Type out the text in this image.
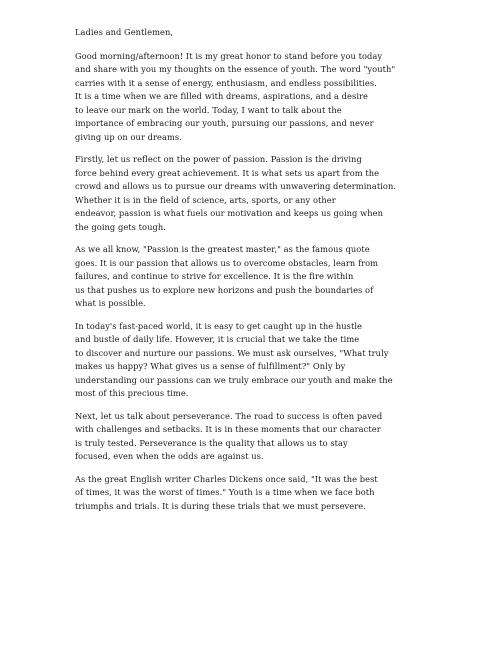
Ladies and Gentlemen,
Good morning/afternoon! It is my great honor to stand before you today
and share with you my thoughts on the essence of youth. The word "youth"
carries with it a sense of energy, enthusiasm, and endless possibilities.
It is a time when we are filled with dreams, aspirations, and a desire
to leave our mark on the world. Today, I want to talk about the
importance of embracing our youth, pursuing our passions, and never
giving up on our dreams.
Firstly, let us reflect on the power of passion. Passion is the driving
force behind every great achievement. It is what sets us apart from the
crowd and allows us to pursue our dreams with unwavering determination.
Whether it is in the field of science, arts, sports, or any other
endeavor, passion is what fuels our motivation and keeps us going when
the going gets tough.
As we all know, "Passion is the greatest master," as the famous quote
goes. It is our passion that allows us to overcome obstacles, learn from
failures, and continue to strive for excellence. It is the fire within
us that pushes us to explore new horizons and push the boundaries of
what is possible.
In today's fast-paced world, it is easy to get caught up in the hustle
and bustle of daily life. However, it is crucial that we take the time
to discover and nurture our passions. We must ask ourselves, "What truly
makes us happy? What gives us a sense of fulfillment?" Only by
understanding our passions can we truly embrace our youth and make the
most of this precious time.
Next, let us talk about perseverance. The road to success is often paved
with challenges and setbacks. It is in these moments that our character
is truly tested. Perseverance is the quality that allows us to stay
focused, even when the odds are against us.
As the great English writer Charles Dickens once said, "It was the best
of times, it was the worst of times." Youth is a time when we face both
triumphs and trials. It is during these trials that we must persevere.
